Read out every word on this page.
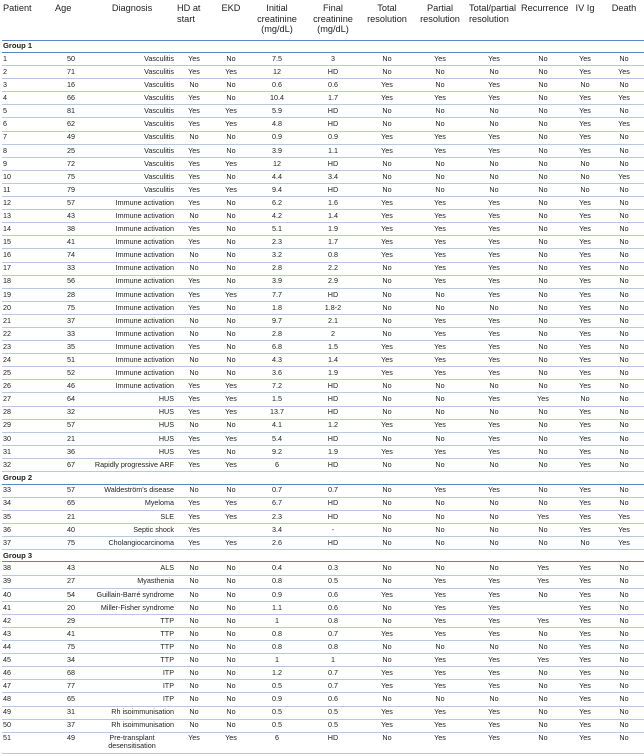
Patient	Age	Diagnosis	HD at
start	EKD	Initial
creatinine
(mg/dL)	Final
creatinine
(mg/dL)	Total
resolution	Partial
resolution	Total/partial
resolution	Recurrence	IV Ig	Death
Group 1												
1	50	Vasculitis	Yes	No	7.5	3	No	Yes	Yes	No	Yes	No
2	71	Vasculitis	Yes	Yes	12	HD	No	No	No	No	Yes	Yes
3	16	Vasculitis	No	No	0.6	0.6	Yes	No	Yes	No	No	No
4	66	Vasculitis	Yes	No	10.4	1.7	Yes	Yes	Yes	No	Yes	Yes
5	81	Vasculitis	Yes	Yes	5.9	HD	No	No	No	No	Yes	No
6	62	Vasculitis	Yes	Yes	4.8	HD	No	No	No	No	Yes	Yes
7	49	Vasculitis	No	No	0.9	0.9	Yes	Yes	Yes	No	Yes	No
8	25	Vasculitis	Yes	No	3.9	1.1	Yes	Yes	Yes	No	Yes	No
9	72	Vasculitis	Yes	Yes	12	HD	No	No	No	No	No	No
10	75	Vasculitis	Yes	No	4.4	3.4	No	No	No	No	No	Yes
11	79	Vasculitis	Yes	Yes	9.4	HD	No	No	No	No	No	No
12	57	Immune activation	Yes	No	6.2	1.6	Yes	Yes	Yes	No	Yes	No
13	43	Immune activation	No	No	4.2	1.4	Yes	Yes	Yes	No	Yes	No
14	38	Immune activation	Yes	No	5.1	1.9	Yes	Yes	Yes	No	Yes	No
15	41	Immune activation	Yes	No	2.3	1.7	Yes	Yes	Yes	No	Yes	No
16	74	Immune activation	No	No	3.2	0.8	Yes	Yes	Yes	No	Yes	No
17	33	Immune activation	No	No	2.8	2.2	No	Yes	Yes	No	Yes	No
18	56	Immune activation	Yes	No	3.9	2.9	No	Yes	Yes	No	Yes	No
19	28	Immune activation	Yes	Yes	7.7	HD	No	No	Yes	No	Yes	No
20	75	Immune activation	Yes	No	1.8	1.8-2	No	No	No	No	Yes	No
21	37	Immune activation	No	No	9.7	2.1	No	Yes	Yes	No	Yes	No
22	33	Immune activation	No	No	2.8	2	No	Yes	Yes	No	Yes	No
23	35	Immune activation	Yes	No	6.8	1.5	Yes	Yes	Yes	No	Yes	No
24	51	Immune activation	No	No	4.3	1.4	Yes	Yes	Yes	No	Yes	No
25	52	Immune activation	No	No	3.6	1.9	Yes	Yes	Yes	No	Yes	No
26	46	Immune activation	Yes	Yes	7.2	HD	No	No	No	No	Yes	No
27	64	HUS	Yes	Yes	1.5	HD	No	No	Yes	Yes	No	No
28	32	HUS	Yes	Yes	13.7	HD	No	No	No	No	Yes	No
29	57	HUS	No	No	4.1	1.2	Yes	Yes	Yes	No	Yes	No
30	21	HUS	Yes	Yes	5.4	HD	No	No	Yes	No	Yes	No
31	36	HUS	Yes	No	9.2	1.9	Yes	Yes	Yes	No	Yes	No
32	67	Rapidly progressive ARF	Yes	Yes	6	HD	No	No	No	No	Yes	No
Group 2												
33	57	Waldeström's disease	No	No	0.7	0.7	No	Yes	Yes	No	Yes	No
34	65	Myeloma	Yes	Yes	6.7	HD	No	No	No	No	Yes	No
35	21	SLE	Yes	Yes	2.3	HD	No	No	No	Yes	Yes	Yes
36	40	Septic shock	Yes		3.4	-	No	No	No	No	Yes	Yes
37	75	Cholangiocarcinoma	Yes	Yes	2.6	HD	No	No	No	No	No	Yes
Group 3												
38	43	ALS	No	No	0.4	0.3	No	No	No	Yes	Yes	No
39	27	Myasthenia	No	No	0.8	0.5	No	Yes	Yes	Yes	Yes	No
40	54	Guillain-Barré syndrome	No	No	0.9	0.6	Yes	Yes	Yes	No	Yes	No
41	20	Miller-Fisher syndrome	No	No	1.1	0.6	No	Yes	Yes		Yes	No
42	29	TTP	No	No	1	0.8	No	Yes	Yes	Yes	Yes	No
43	41	TTP	No	No	0.8	0.7	Yes	Yes	Yes	No	Yes	No
44	75	TTP	No	No	0.8	0.8	No	No	No	No	Yes	No
45	34	TTP	No	No	1	1	No	Yes	Yes	Yes	Yes	No
46	68	ITP	No	No	1.2	0.7	Yes	Yes	Yes	No	Yes	No
47	77	ITP	No	No	0.5	0.7	Yes	Yes	Yes	No	Yes	No
48	65	ITP	No	No	0.9	0.6	No	No	No	No	Yes	No
49	31	Rh isoimmunisation	No	No	0.5	0.5	Yes	Yes	Yes	No	Yes	No
50	37	Rh isoimmunisation	No	No	0.5	0.5	Yes	Yes	Yes	No	Yes	No
51	49	Pre-transplant desensitisation	Yes	Yes	6	HD	No	Yes	Yes	No	Yes	No
